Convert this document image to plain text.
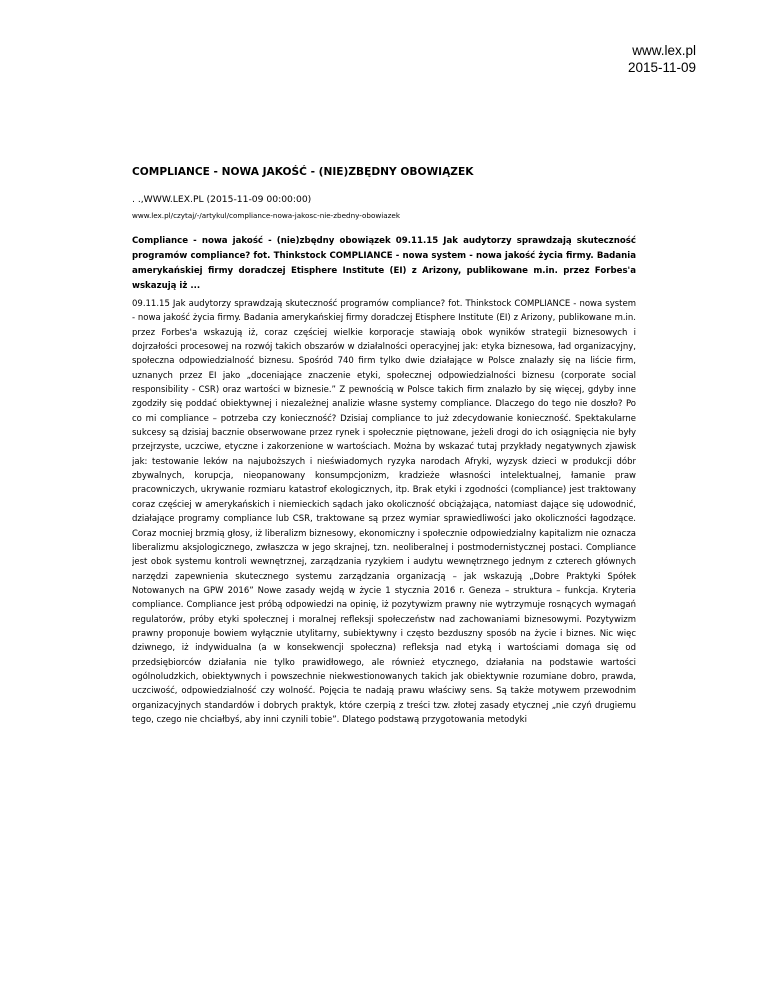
www.lex.pl
2015-11-09
COMPLIANCE - NOWA JAKOŚĆ - (NIE)ZBĘDNY OBOWIĄZEK
. .,WWW.LEX.PL (2015-11-09 00:00:00)
www.lex.pl/czytaj/-/artykul/compliance-nowa-jakosc-nie-zbedny-obowiazek

Compliance - nowa jakość - (nie)zbędny obowiązek 09.11.15 Jak audytorzy sprawdzają skuteczność programów compliance? fot. Thinkstock COMPLIANCE - nowa system - nowa jakość życia firmy. Badania amerykańskiej firmy doradczej Etisphere Institute (EI) z Arizony, publikowane m.in. przez Forbes'a wskazują iż ...

09.11.15 Jak audytorzy sprawdzają skuteczność programów compliance? fot. Thinkstock COMPLIANCE - nowa system - nowa jakość życia firmy. Badania amerykańskiej firmy doradczej Etisphere Institute (EI) z Arizony, publikowane m.in. przez Forbes'a wskazują iż, coraz częściej wielkie korporacje stawiają obok wyników strategii biznesowych i dojrzałości procesowej na rozwój takich obszarów w działalności operacyjnej jak: etyka biznesowa, ład organizacyjny, społeczna odpowiedzialność biznesu. Spośród 740 firm tylko dwie działające w Polsce znalazły się na liście firm, uznanych przez EI jako „doceniające znaczenie etyki, społecznej odpowiedzialności biznesu (corporate social responsibility - CSR) oraz wartości w biznesie.” Z pewnością w Polsce takich firm znalazło by się więcej, gdyby inne zgodziły się poddać obiektywnej i niezależnej analizie własne systemy compliance. Dlaczego do tego nie doszło? Po co mi compliance – potrzeba czy konieczność? Dzisiaj compliance to już zdecydowanie konieczność. Spektakularne sukcesy są dzisiaj bacznie obserwowane przez rynek i społecznie piętnowane, jeżeli drogi do ich osiągnięcia nie były przejrzyste, uczciwe, etyczne i zakorzenione w wartościach. Można by wskazać tutaj przykłady negatywnych zjawisk jak: testowanie leków na najuboższych i nieświadomych ryzyka narodach Afryki, wyzysk dzieci w produkcji dóbr zbywalnych, korupcja, nieopanowany konsumpcjonizm, kradzieże własności intelektualnej, łamanie praw pracowniczych, ukrywanie rozmiaru katastrof ekologicznych, itp. Brak etyki i zgodności (compliance) jest traktowany coraz częściej w amerykańskich i niemieckich sądach jako okoliczność obciążająca, natomiast dające się udowodnić, działające programy compliance lub CSR, traktowane są przez wymiar sprawiedliwości jako okoliczności łagodzące. Coraz mocniej brzmią głosy, iż liberalizm biznesowy, ekonomiczny i społecznie odpowiedzialny kapitalizm nie oznacza liberalizmu aksjologicznego, zwłaszcza w jego skrajnej, tzn. neoliberalnej i postmodernistycznej postaci. Compliance jest obok systemu kontroli wewnętrznej, zarządzania ryzykiem i audytu wewnętrznego jednym z czterech głównych narzędzi zapewnienia skutecznego systemu zarządzania organizacją – jak wskazują „Dobre Praktyki Spółek Notowanych na GPW 2016” Nowe zasady wejdą w życie 1 stycznia 2016 r. Geneza – struktura – funkcja. Kryteria compliance. Compliance jest próbą odpowiedzi na opinię, iż pozytywizm prawny nie wytrzymuje rosnących wymagań regulatorów, próby etyki społecznej i moralnej refleksji społeczeństw nad zachowaniami biznesowymi. Pozytywizm prawny proponuje bowiem wyłącznie utylitarny, subiektywny i często bezduszny sposób na życie i biznes. Nic więc dziwnego, iż indywidualna (a w konsekwencji społeczna) refleksja nad etyką i wartościami domaga się od przedsiębiorców działania nie tylko prawidłowego, ale również etycznego, działania na podstawie wartości ogólnoludzkich, obiektywnych i powszechnie niekwestionowanych takich jak obiektywnie rozumiane dobro, prawda, uczciwość, odpowiedzialność czy wolność. Pojęcia te nadają prawu właściwy sens. Są także motywem przewodnim organizacyjnych standardów i dobrych praktyk, które czerpią z treści tzw. złotej zasady etycznej „nie czyń drugiemu tego, czego nie chciałbyś, aby inni czynili tobie”. Dlatego podstawą przygotowania metodyki
